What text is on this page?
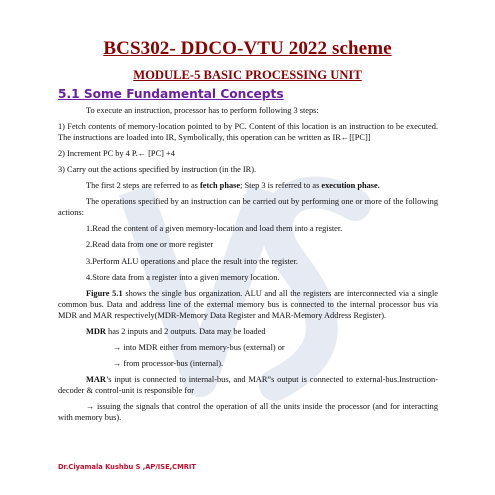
BCS302- DDCO-VTU 2022 scheme
MODULE-5 BASIC PROCESSING UNIT
5.1 Some Fundamental Concepts

To execute an instruction, processor has to perform following 3 steps:

1) Fetch contents of memory-location pointed to by PC. Content of this location is an instruction to be executed. The instructions are loaded into IR, Symbolically, this operation can be written as IR←[[PC]]

2) Increment PC by 4 P.← [PC] +4

3) Carry out the actions specified by instruction (in the IR).

The first 2 steps are referred to as fetch phase; Step 3 is referred to as execution phase.

The operations specified by an instruction can be carried out by performing one or more of the following actions:

1.Read the content of a given memory-location and load them into a register.

2.Read data from one or more register

3.Perform ALU operations and place the result into the register.

4.Store data from a register into a given memory location.

Figure 5.1 shows the single bus organization. ALU and all the registers are interconnected via a single common bus. Data and address line of the external memory bus is connected to the internal processor bus via MDR and MAR respectively(MDR-Memory Data Register and MAR-Memory Address Register).

MDR has 2 inputs and 2 outputs. Data may be loaded

→ into MDR either from memory-bus (external) or

→ from processor-bus (internal).

MAR’s input is connected to internal-bus, and MAR”s output is connected to external-bus.Instruction-decoder & control-unit is responsible for

→ issuing the signals that control the operation of all the units inside the processor (and for interacting with memory bus).

Dr.Ciyamala Kushbu S ,AP/ISE,CMRIT
